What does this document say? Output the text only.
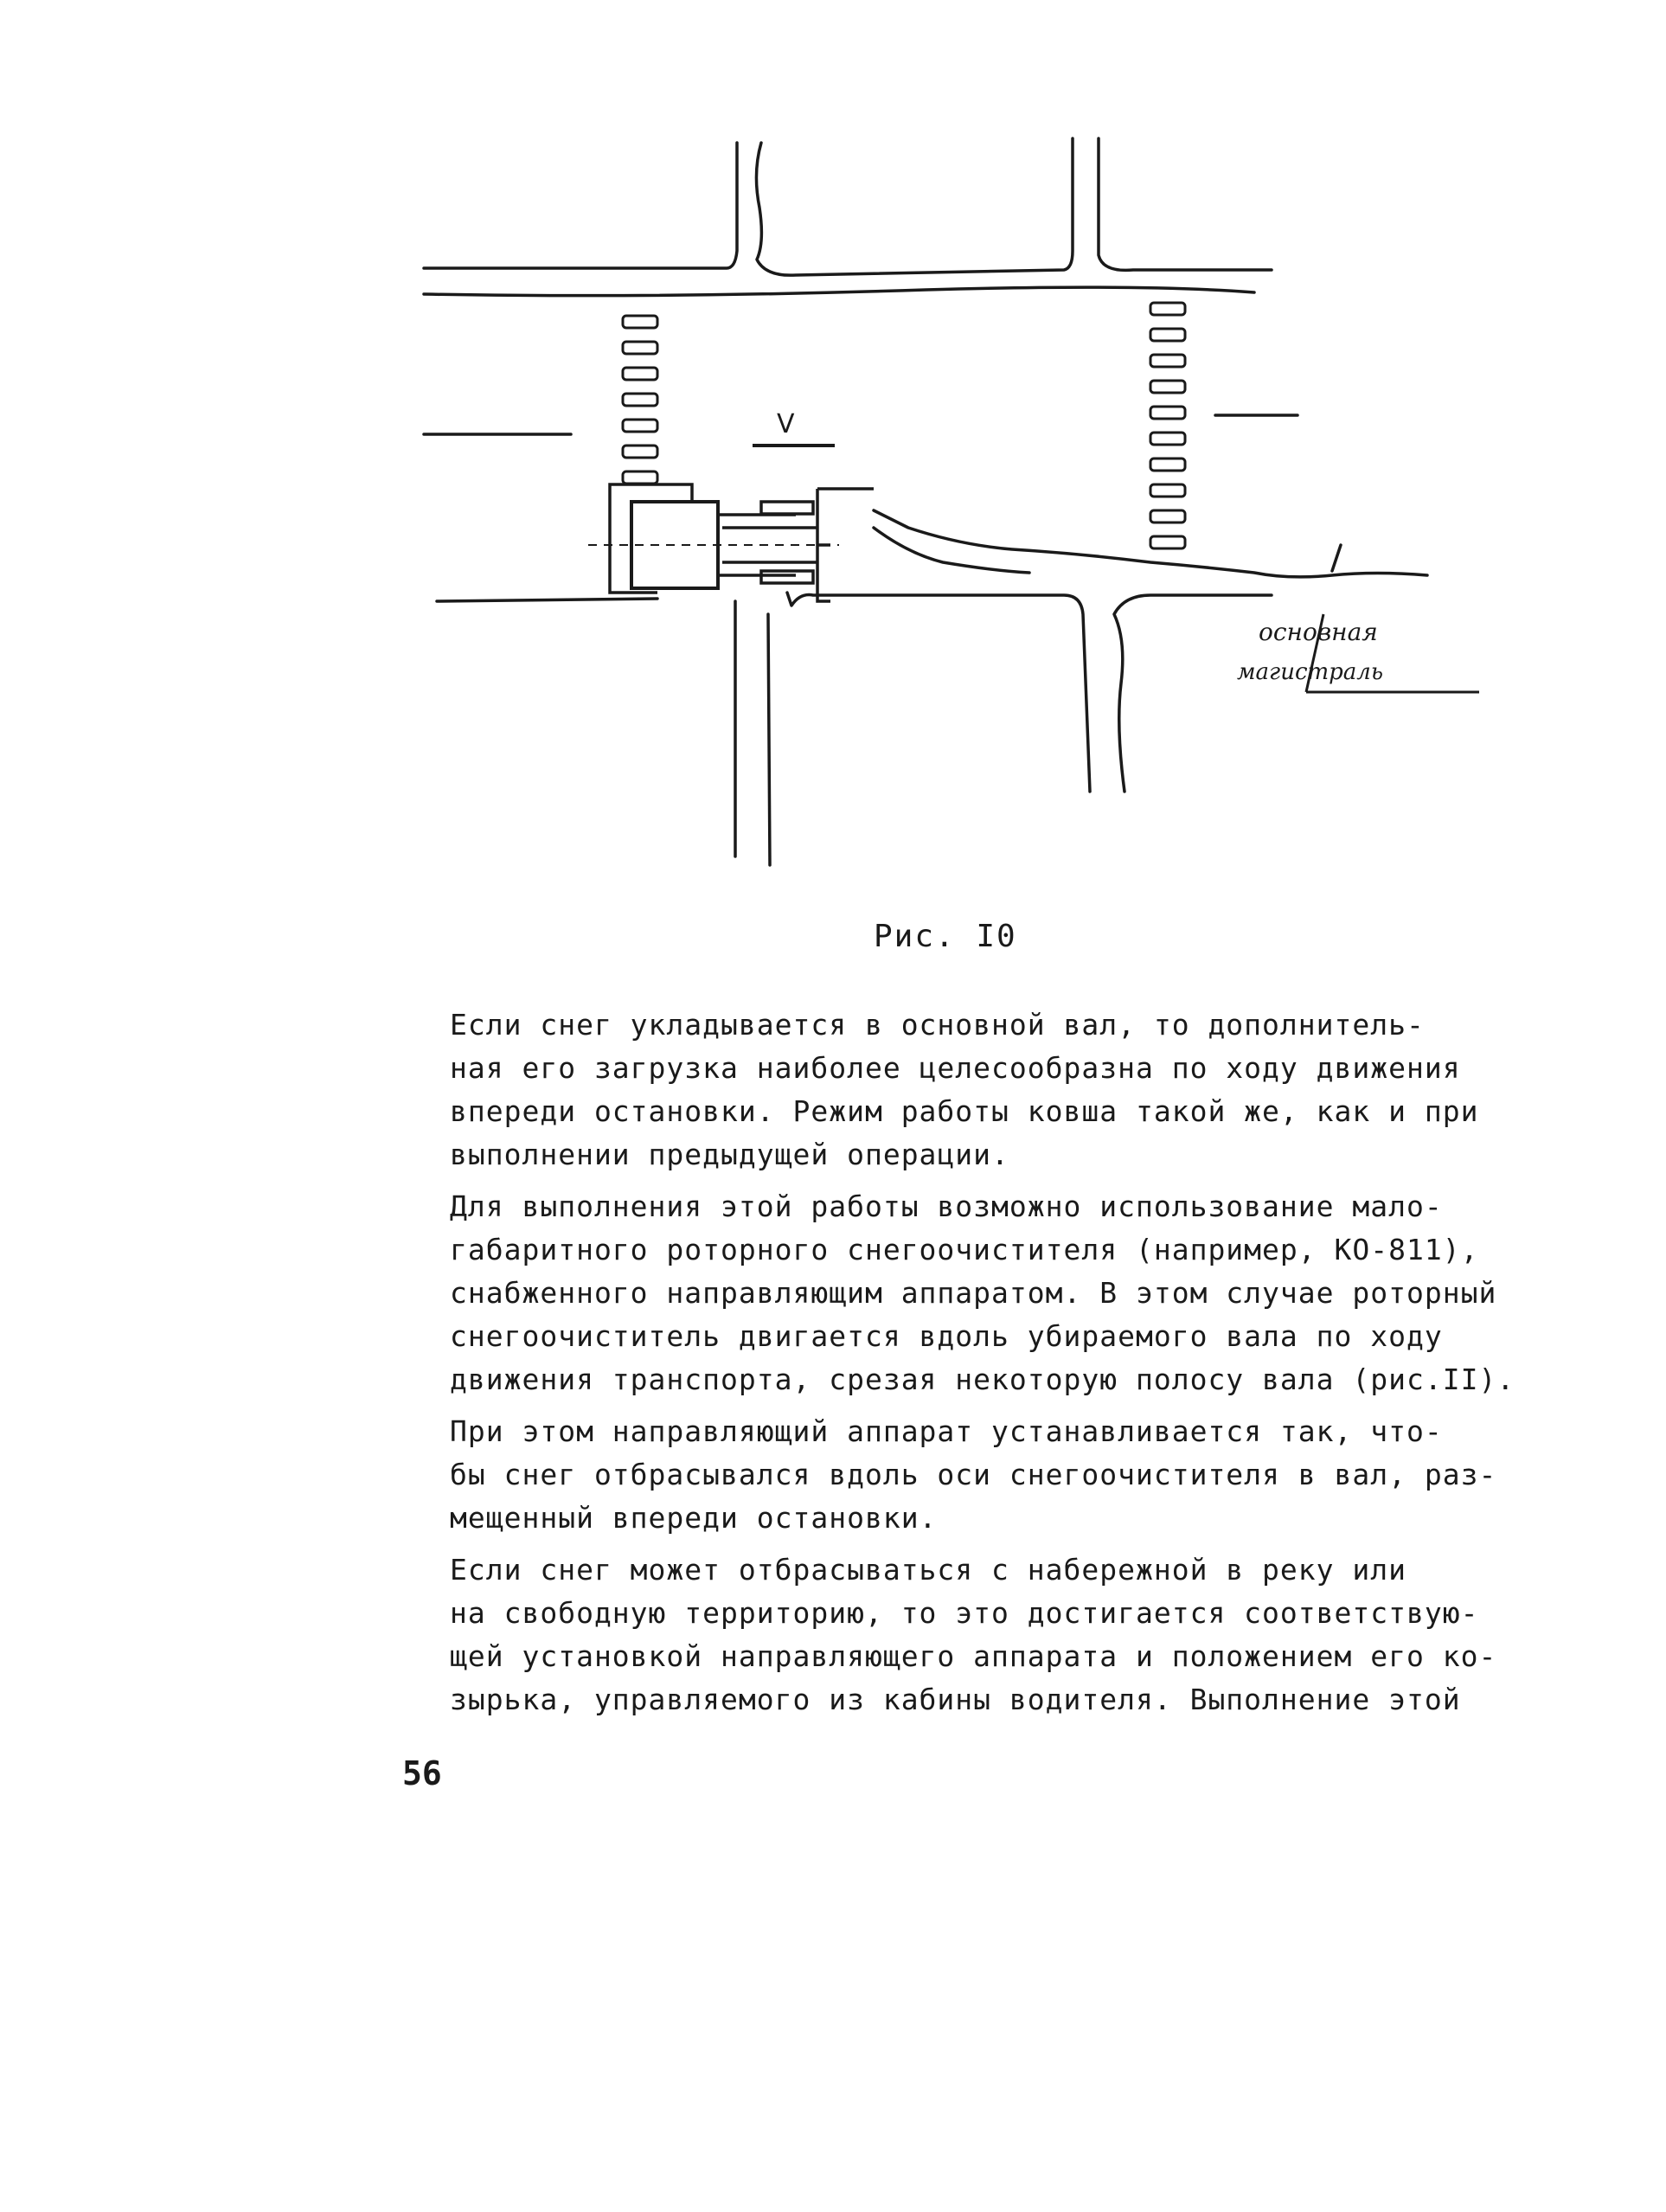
V
основная
магистраль
Рис. I0
Если снег укладывается в основной вал, то дополнитель-
ная его загрузка наиболее целесообразна по ходу движения
впереди остановки. Режим работы ковша такой же, как и при
выполнении предыдущей операции.
Для выполнения этой работы возможно использование мало-
габаритного роторного снегоочистителя (например, КО-811),
снабженного направляющим аппаратом. В этом случае роторный
снегоочиститель двигается вдоль убираемого вала по ходу
движения транспорта, срезая некоторую полосу вала (рис.II).
При этом направляющий аппарат устанавливается так, что-
бы снег отбрасывался вдоль оси снегоочистителя в вал, раз-
мещенный впереди остановки.
Если снег может отбрасываться с набережной в реку или
на свободную территорию, то это достигается соответствую-
щей установкой направляющего аппарата и положением его ко-
зырька, управляемого из кабины водителя. Выполнение этой
56
